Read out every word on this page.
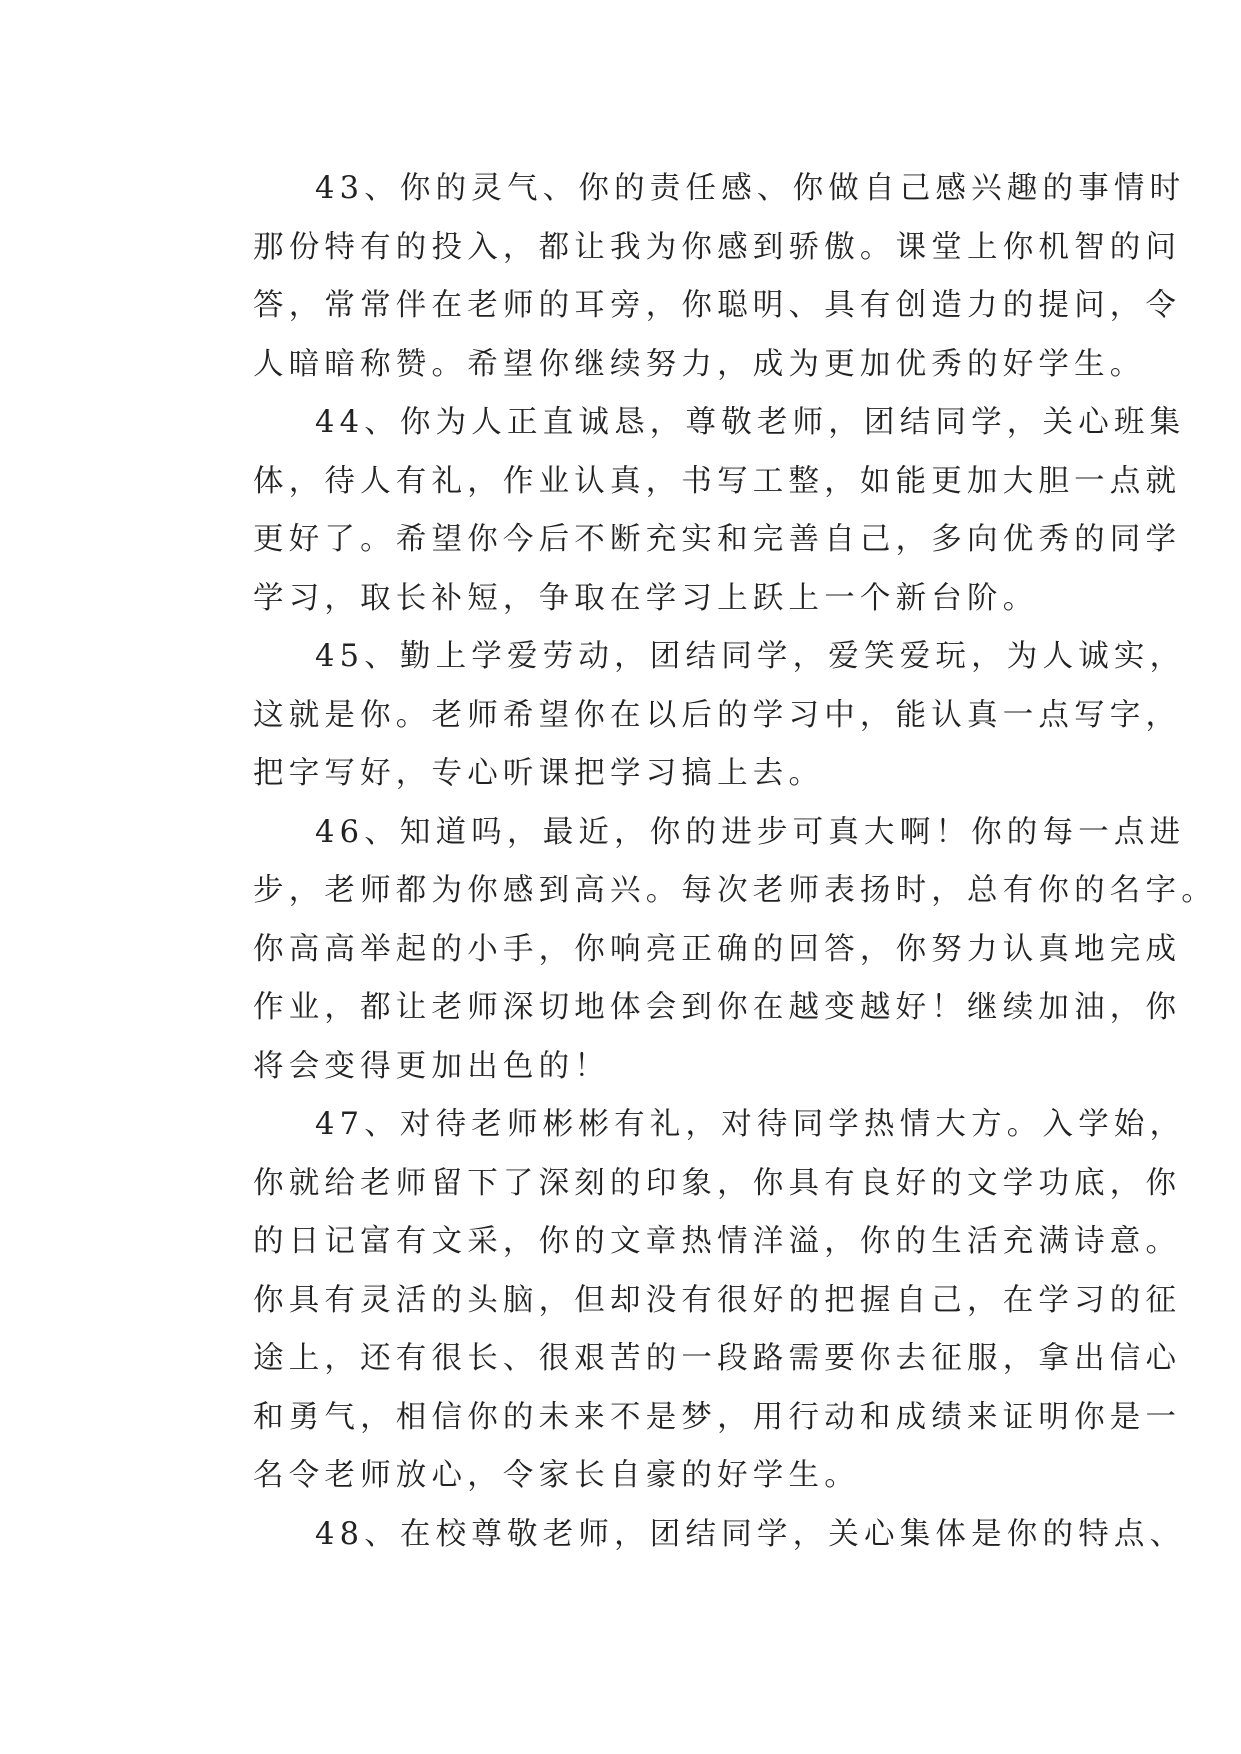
43、你的灵气、你的责任感、你做自己感兴趣的事情时
那份特有的投入，都让我为你感到骄傲。课堂上你机智的问
答，常常伴在老师的耳旁，你聪明、具有创造力的提问，令
人暗暗称赞。希望你继续努力，成为更加优秀的好学生。
44、你为人正直诚恳，尊敬老师，团结同学，关心班集
体，待人有礼，作业认真，书写工整，如能更加大胆一点就
更好了。希望你今后不断充实和完善自己，多向优秀的同学
学习，取长补短，争取在学习上跃上一个新台阶。
45、勤上学爱劳动，团结同学，爱笑爱玩，为人诚实，
这就是你。老师希望你在以后的学习中，能认真一点写字，
把字写好，专心听课把学习搞上去。
46、知道吗，最近，你的进步可真大啊！你的每一点进
步，老师都为你感到高兴。每次老师表扬时，总有你的名字。
你高高举起的小手，你响亮正确的回答，你努力认真地完成
作业，都让老师深切地体会到你在越变越好！继续加油，你
将会变得更加出色的！
47、对待老师彬彬有礼，对待同学热情大方。入学始，
你就给老师留下了深刻的印象，你具有良好的文学功底，你
的日记富有文采，你的文章热情洋溢，你的生活充满诗意。
你具有灵活的头脑，但却没有很好的把握自己，在学习的征
途上，还有很长、很艰苦的一段路需要你去征服，拿出信心
和勇气，相信你的未来不是梦，用行动和成绩来证明你是一
名令老师放心，令家长自豪的好学生。
48、在校尊敬老师，团结同学，关心集体是你的特点、
